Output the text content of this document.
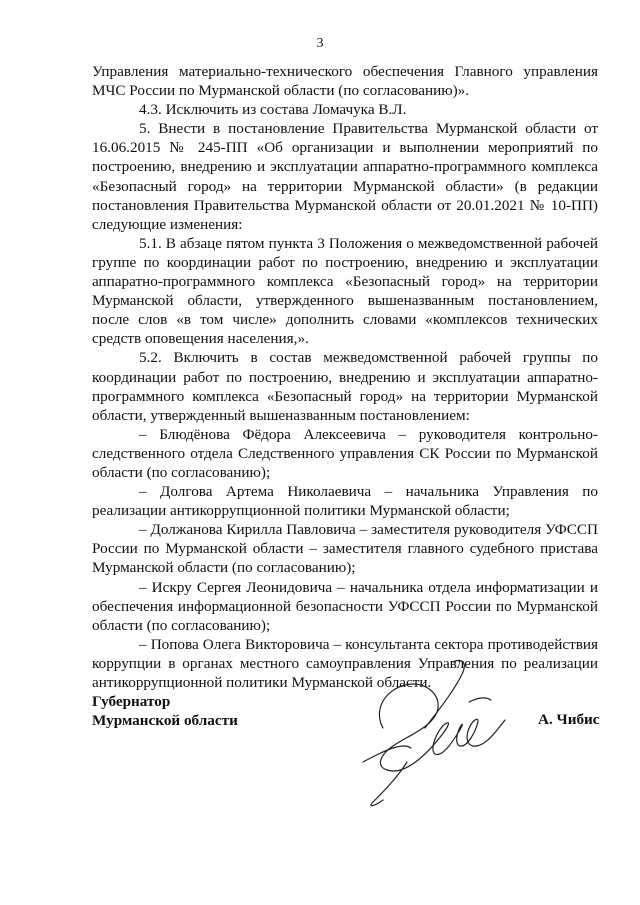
3

Управления материально-технического обеспечения Главного управления МЧС России по Мурманской области (по согласованию)».

4.3. Исключить из состава Ломачука В.Л.

5. Внести в постановление Правительства Мурманской области от 16.06.2015 № 245-ПП «Об организации и выполнении мероприятий по построению, внедрению и эксплуатации аппаратно-программного комплекса «Безопасный город» на территории Мурманской области» (в редакции постановления Правительства Мурманской области от 20.01.2021 № 10-ПП) следующие изменения:

5.1. В абзаце пятом пункта 3 Положения о межведомственной рабочей группе по координации работ по построению, внедрению и эксплуатации аппаратно-программного комплекса «Безопасный город» на территории Мурманской области, утвержденного вышеназванным постановлением, после слов «в том числе» дополнить словами «комплексов технических средств оповещения населения,».

5.2. Включить в состав межведомственной рабочей группы по координации работ по построению, внедрению и эксплуатации аппаратно-программного комплекса «Безопасный город» на территории Мурманской области, утвержденный вышеназванным постановлением:

– Блюдёнова Фёдора Алексеевича – руководителя контрольно-следственного отдела Следственного управления СК России по Мурманской области (по согласованию);

– Долгова Артема Николаевича – начальника Управления по реализации антикоррупционной политики Мурманской области;

– Должанова Кирилла Павловича – заместителя руководителя УФССП России по Мурманской области – заместителя главного судебного пристава Мурманской области (по согласованию);

– Искру Сергея Леонидовича – начальника отдела информатизации и обеспечения информационной безопасности УФССП России по Мурманской области (по согласованию);

– Попова Олега Викторовича – консультанта сектора противодействия коррупции в органах местного самоуправления Управления по реализации антикоррупционной политики Мурманской области.

Губернатор
Мурманской области	А. Чибис
